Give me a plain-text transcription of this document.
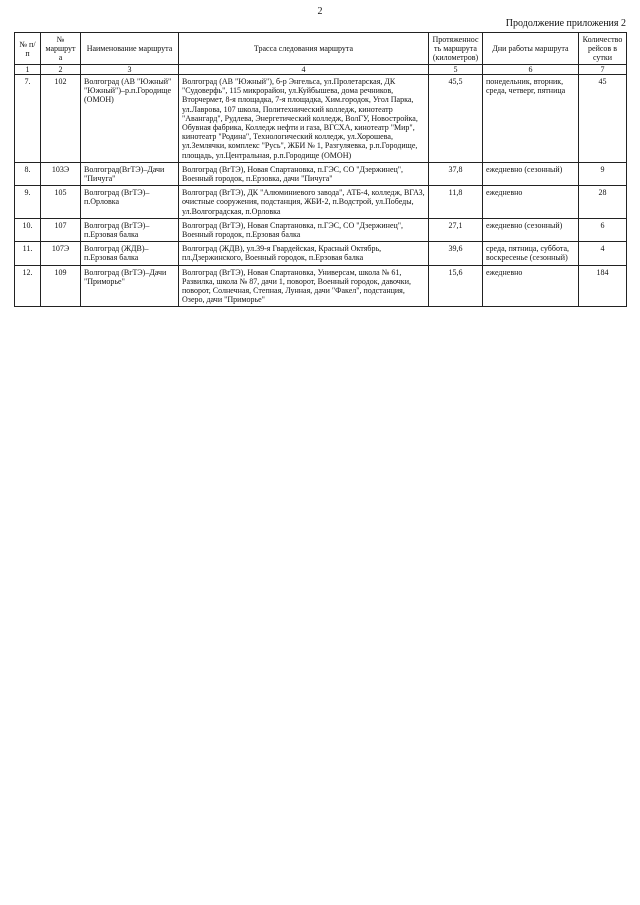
2
Продолжение приложения 2
№ п/п	№ маршрута	Наименование маршрута	Трасса следования маршрута	Протяженность маршрута (километров)	Дни работы маршрута	Количество рейсов в сутки
1	2	3	4	5	6	7
7.	102	Волгоград (АВ "Южный" "Южный")–р.п.Городище (ОМОН)	Волгоград (АВ "Южный"), б-р Энгельса, ул.Пролетарская, ДК "Судоверфь", 115 микрорайон, ул.Куйбышева, дома речников, Вторчермет, 8-я площадка, 7-я площадка, Хим.городок, Угол Парка, ул.Лаврова, 107 школа, Политехнический колледж, кинотеатр "Авангард", Рудлева, Энергетический колледж, ВолГУ, Новостройка, Обувная фабрика, Колледж нефти и газа, ВГСХА, кинотеатр "Мир", кинотеатр "Родина", Технологический колледж, ул.Хорошева, ул.Землячки, комплекс "Русь", ЖБИ № 1, Разгуляевка, р.п.Городище, площадь, ул.Центральная, р.п.Городище (ОМОН)	45,5	понедельник, вторник, среда, четверг, пятница	45
8.	103Э	Волгоград(ВгТЭ)–Дачи "Пичуга"	Волгоград (ВгТЭ), Новая Спартановка, п.ГЭС, СО "Дзержинец", Военный городок, п.Ерзовка, дачи "Пичуга"	37,8	ежедневно (сезонный)	9
9.	105	Волгоград (ВгТЭ)–п.Орловка	Волгоград (ВгТЭ), ДК "Алюминиевого завода", АТБ-4, колледж, ВГАЗ, очистные сооружения, подстанция, ЖБИ-2, п.Водстрой, ул.Победы, ул.Волгоградская, п.Орловка	11,8	ежедневно	28
10.	107	Волгоград (ВгТЭ)–п.Ерзовая балка	Волгоград (ВгТЭ), Новая Спартановка, п.ГЭС, СО "Дзержинец", Военный городок, п.Ерзовая балка	27,1	ежедневно (сезонный)	6
11.	107Э	Волгоград (ЖДВ)–п.Ерзовая балка	Волгоград (ЖДВ), ул.39-я Гвардейская, Красный Октябрь, пл.Дзержинского, Военный городок, п.Ерзовая балка	39,6	среда, пятница, суббота, воскресенье (сезонный)	4
12.	109	Волгоград (ВгТЭ)–Дачи "Приморье"	Волгоград (ВгТЭ), Новая Спартановка, Универсам, школа № 61, Развилка, школа № 87, дачи 1, поворот, Военный городок, давочки, поворот, Солнечная, Степная, Лунная, дачи "Факел", подстанция, Озеро, дачи "Приморье"	15,6	ежедневно	184
